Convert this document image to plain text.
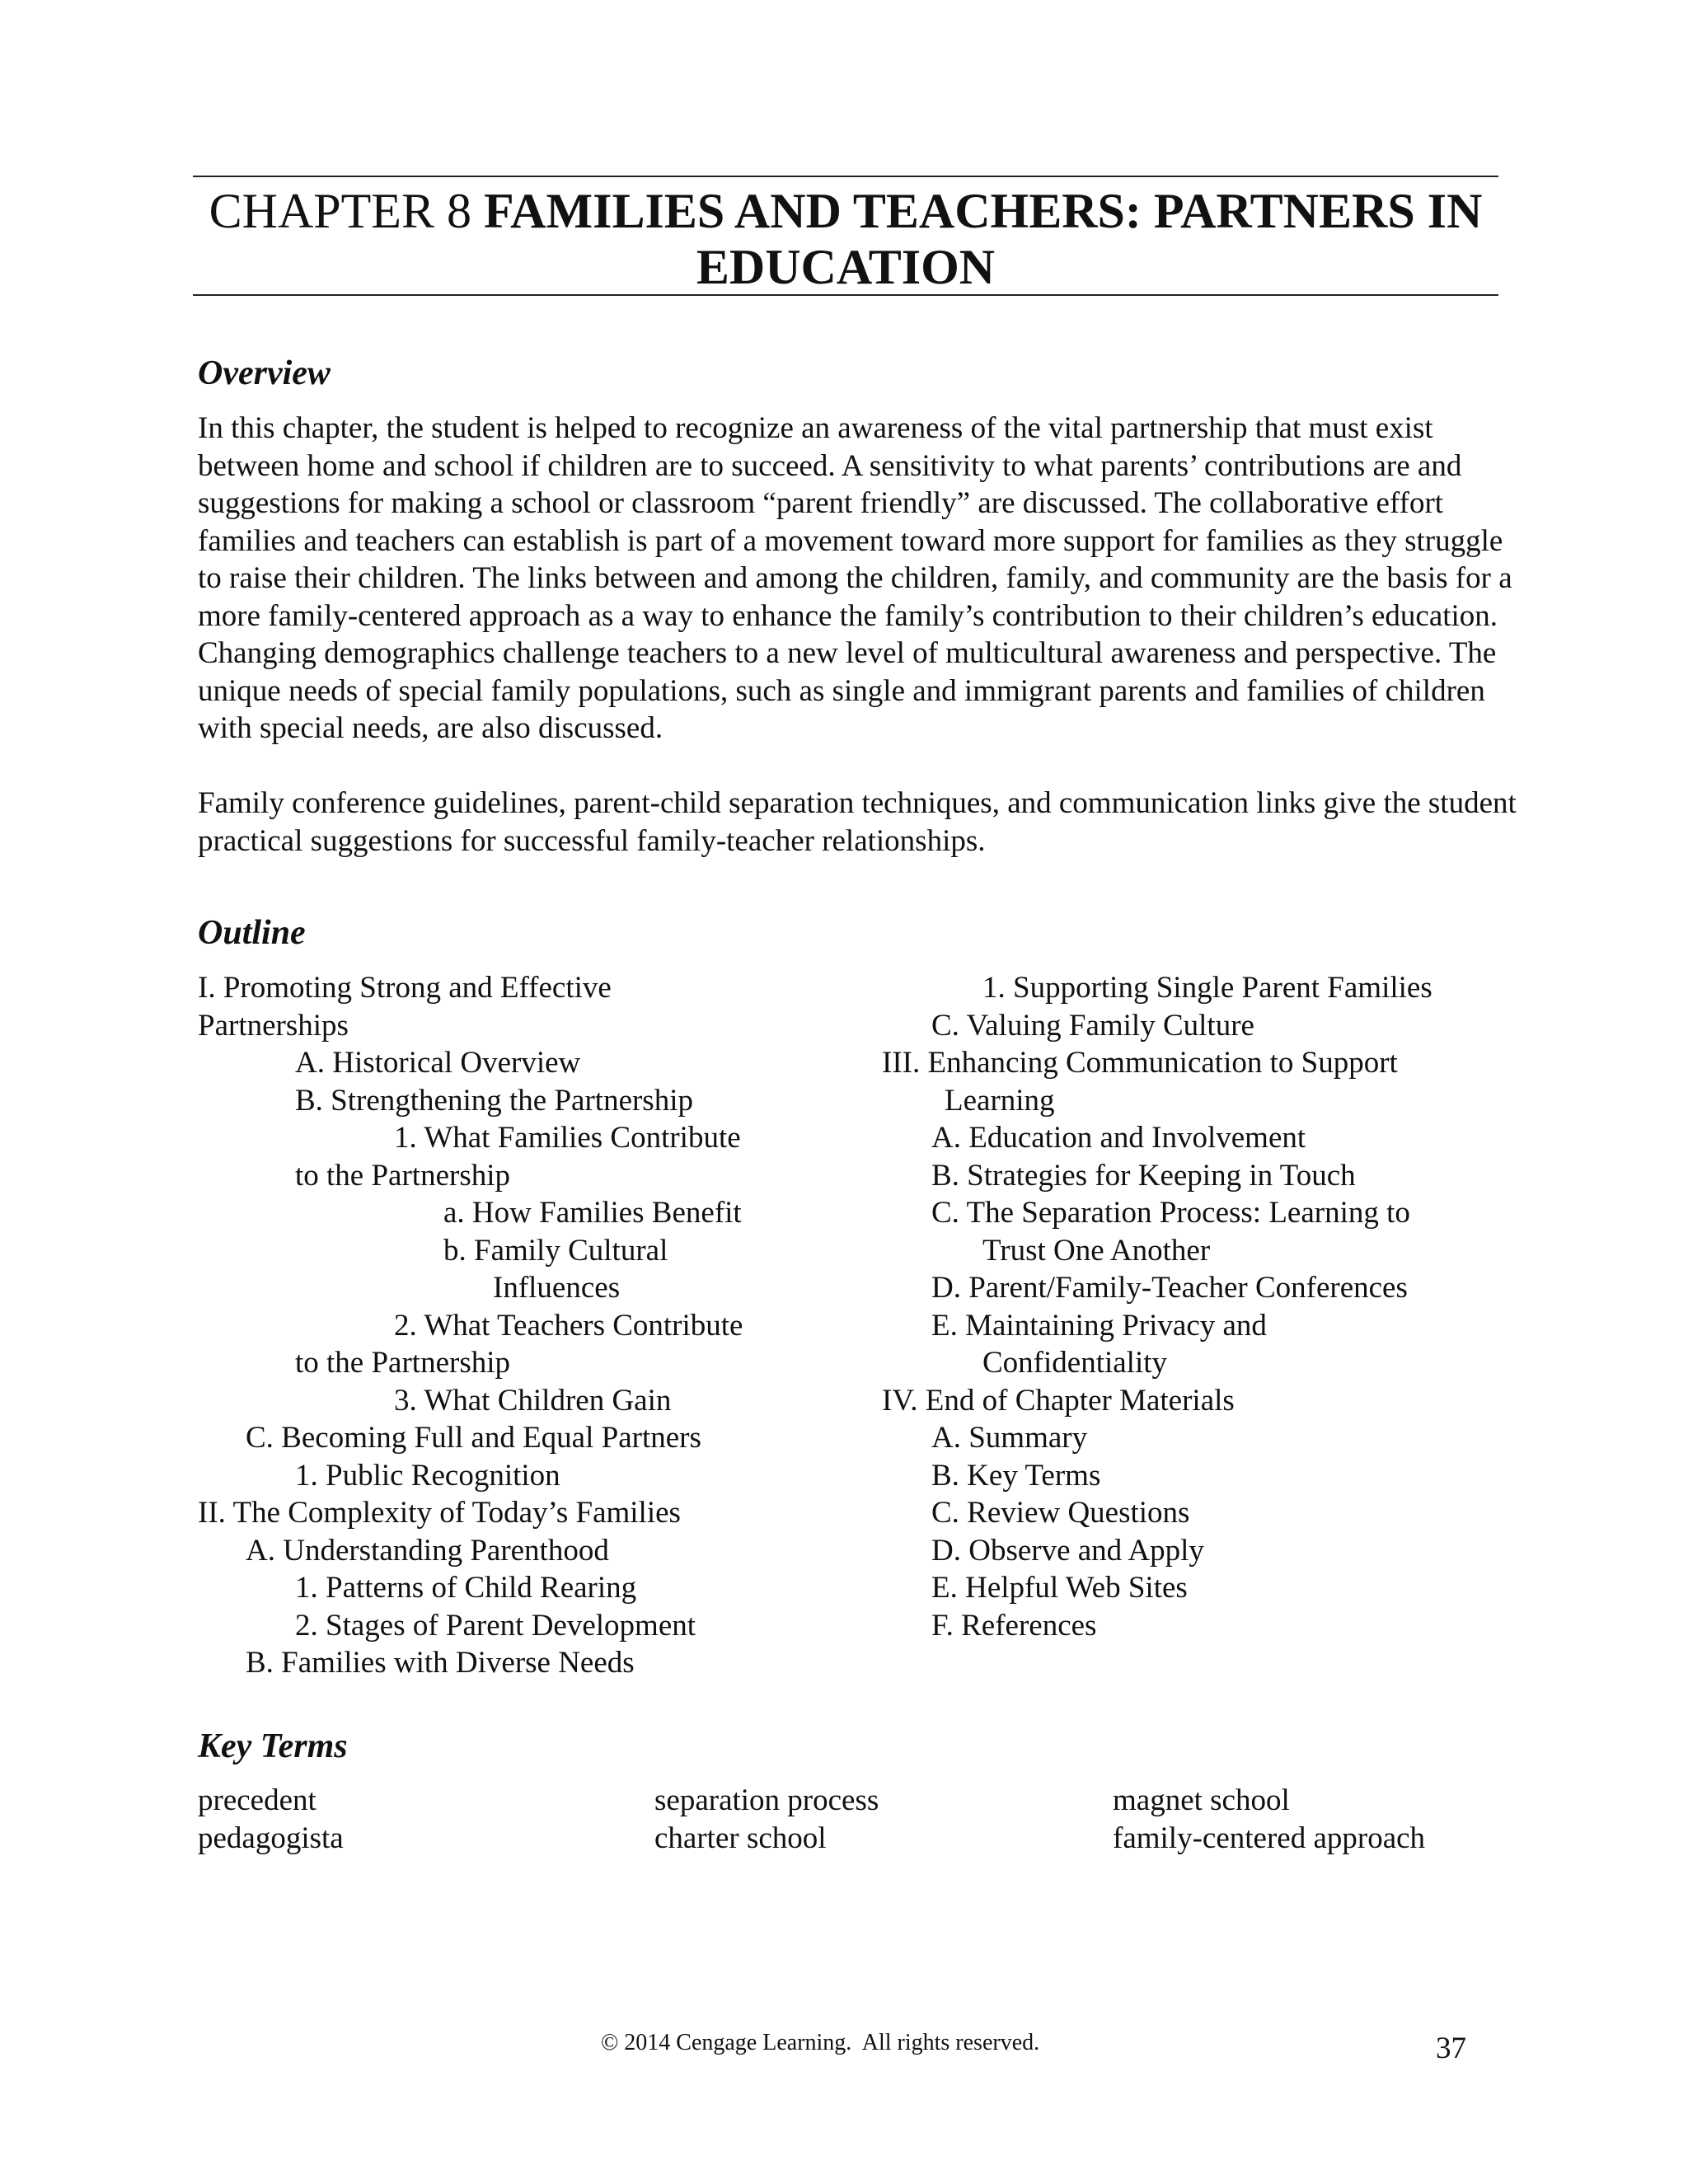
CHAPTER 8 FAMILIES AND TEACHERS: PARTNERS IN
EDUCATION
Overview
In this chapter, the student is helped to recognize an awareness of the vital partnership that must exist between home and school if children are to succeed. A sensitivity to what parents’ contributions are and suggestions for making a school or classroom “parent friendly” are discussed. The collaborative effort families and teachers can establish is part of a movement toward more support for families as they struggle to raise their children. The links between and among the children, family, and community are the basis for a more family-centered approach as a way to enhance the family’s contribution to their children’s education. Changing demographics challenge teachers to a new level of multicultural awareness and perspective. The unique needs of special family populations, such as single and immigrant parents and families of children with special needs, are also discussed.
Family conference guidelines, parent-child separation techniques, and communication links give the student practical suggestions for successful family-teacher relationships.
Outline
I. Promoting Strong and Effective
Partnerships
A. Historical Overview
B. Strengthening the Partnership
1. What Families Contribute
to the Partnership
a. How Families Benefit
b. Family Cultural
Influences
2. What Teachers Contribute
to the Partnership
3. What Children Gain
C. Becoming Full and Equal Partners
1. Public Recognition
II. The Complexity of Today’s Families
A. Understanding Parenthood
1. Patterns of Child Rearing
2. Stages of Parent Development
B. Families with Diverse Needs
1. Supporting Single Parent Families
C. Valuing Family Culture
III. Enhancing Communication to Support
Learning
A. Education and Involvement
B. Strategies for Keeping in Touch
C. The Separation Process: Learning to
Trust One Another
D. Parent/Family-Teacher Conferences
E. Maintaining Privacy and
Confidentiality
IV. End of Chapter Materials
A. Summary
B. Key Terms
C. Review Questions
D. Observe and Apply
E. Helpful Web Sites
F. References
Key Terms
precedent
pedagogista
separation process
charter school
magnet school
family-centered approach
© 2014 Cengage Learning.  All rights reserved.	37
